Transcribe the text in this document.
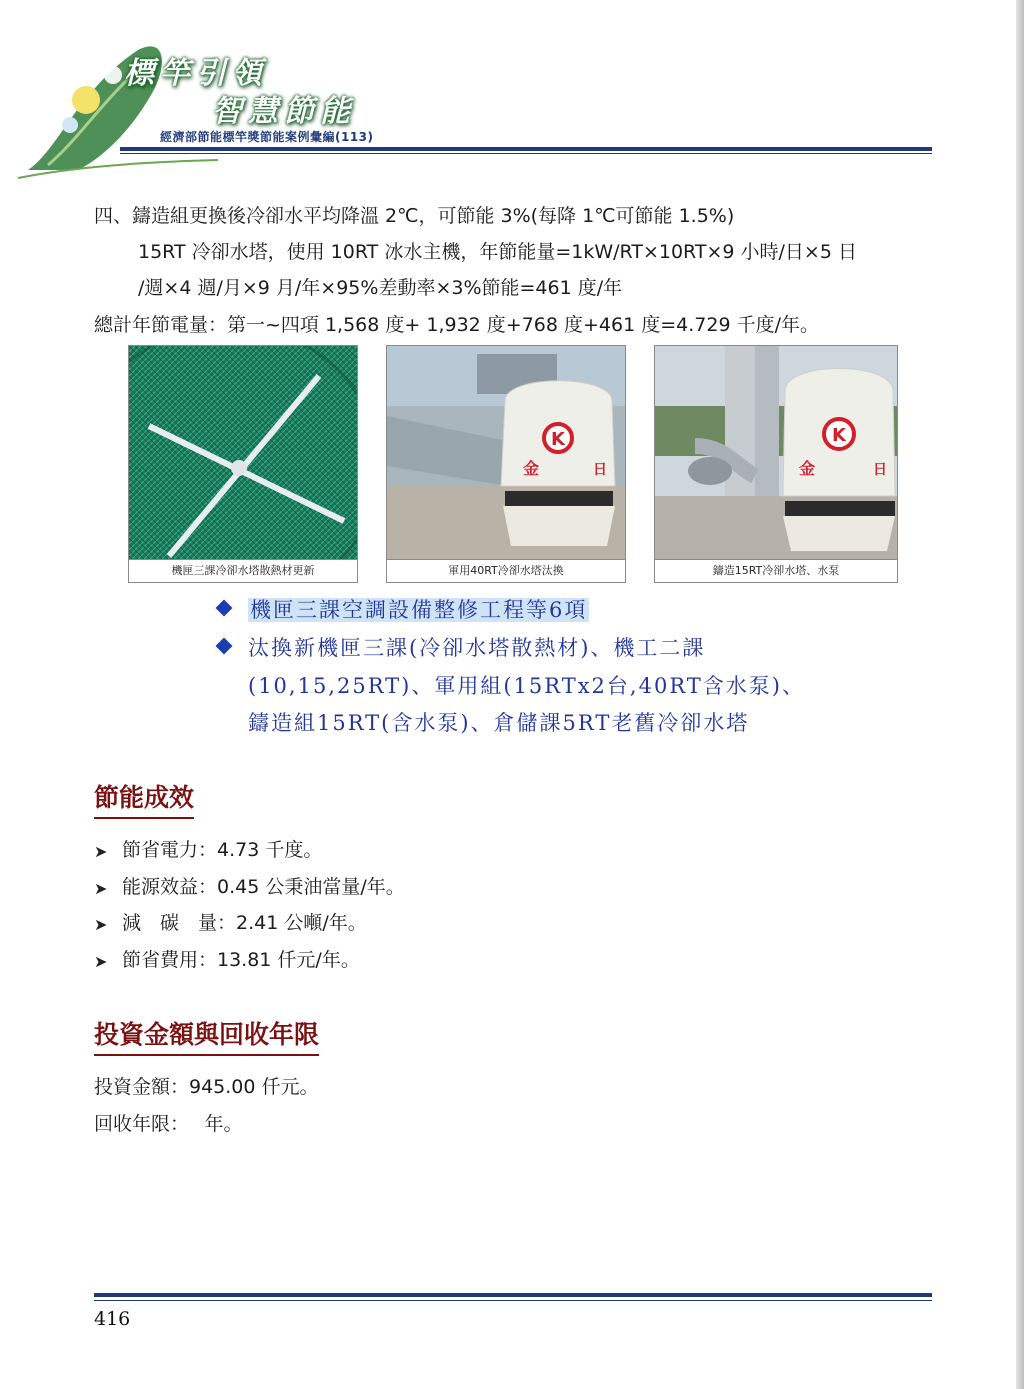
標竿引領
智慧節能
經濟部節能標竿獎節能案例彙編(113)
四、鑄造組更換後冷卻水平均降溫 2℃，可節能 3%(每降 1℃可節能 1.5%)
15RT 冷卻水塔，使用 10RT 冰水主機，年節能量=1kW/RT×10RT×9 小時/日×5 日
/週×4 週/月×9 月/年×95%差動率×3%節能=461 度/年
總計年節電量：第一~四項 1,568 度+ 1,932 度+768 度+461 度=4.729 千度/年。
機匣三課冷卻水塔散熱材更新
K
金	日
軍用40RT冷卻水塔汰換
K
金	日
鑄造15RT冷卻水塔、水泵
機匣三課空調設備整修工程等6項
汰換新機匣三課(冷卻水塔散熱材)、機工二課
(10,15,25RT)、軍用組(15RTx2台,40RT含水泵)、
鑄造組15RT(含水泵)、倉儲課5RT老舊冷卻水塔
節能成效
➤ 節省電力：4.73 千度。
➤ 能源效益：0.45 公秉油當量/年。
➤ 減　碳　量：2.41 公噸/年。
➤ 節省費用：13.81 仟元/年。
投資金額與回收年限
投資金額：945.00 仟元。
回收年限：　 年。
416
